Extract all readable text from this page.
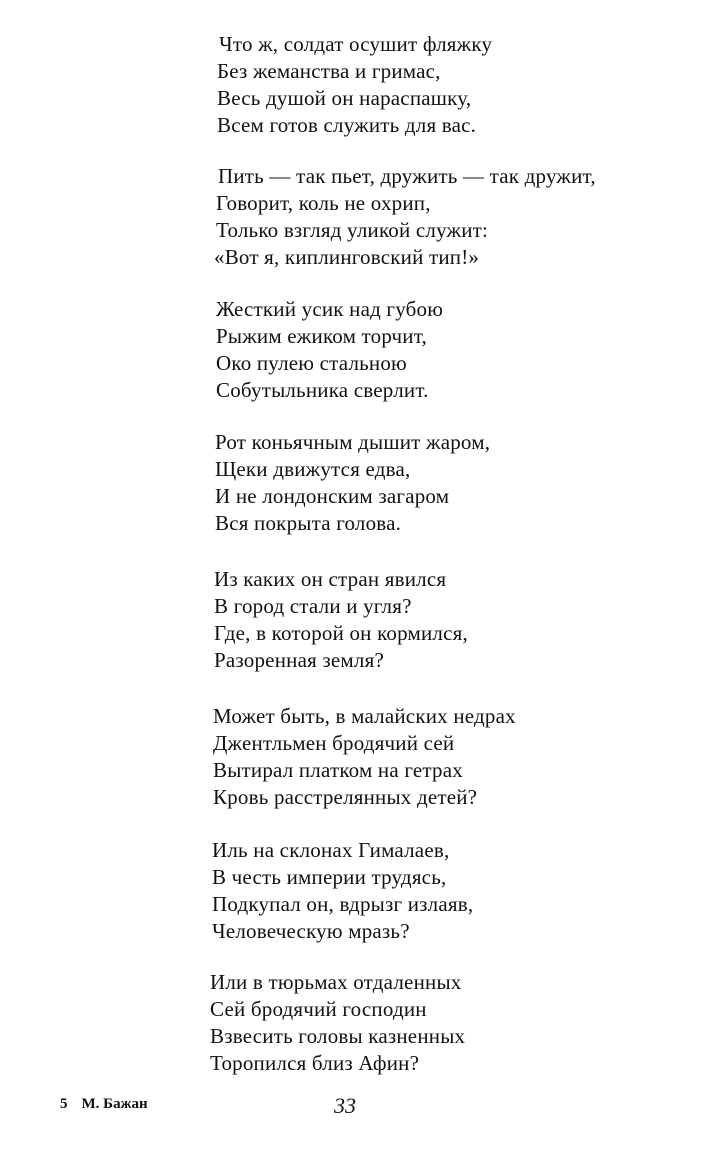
Что ж, солдат осушит фляжку
Без жеманства и гримас,
Весь душой он нараспашку,
Всем готов служить для вас.
Пить — так пьет, дружить — так дружит,
Говорит, коль не охрип,
Только взгляд уликой служит:
«Вот я, киплинговский тип!»
Жесткий усик над губою
Рыжим ежиком торчит,
Око пулею стальною
Собутыльника сверлит.
Рот коньячным дышит жаром,
Щеки движутся едва,
И не лондонским загаром
Вся покрыта голова.
Из каких он стран явился
В город стали и угля?
Где, в которой он кормился,
Разоренная земля?
Может быть, в малайских недрах
Джентльмен бродячий сей
Вытирал платком на гетрах
Кровь расстрелянных детей?
Иль на склонах Гималаев,
В честь империи трудясь,
Подкупал он, вдрызг излаяв,
Человеческую мразь?
Или в тюрьмах отдаленных
Сей бродячий господин
Взвесить головы казненных
Торопился близ Афин?
5 М. Бажан	33
